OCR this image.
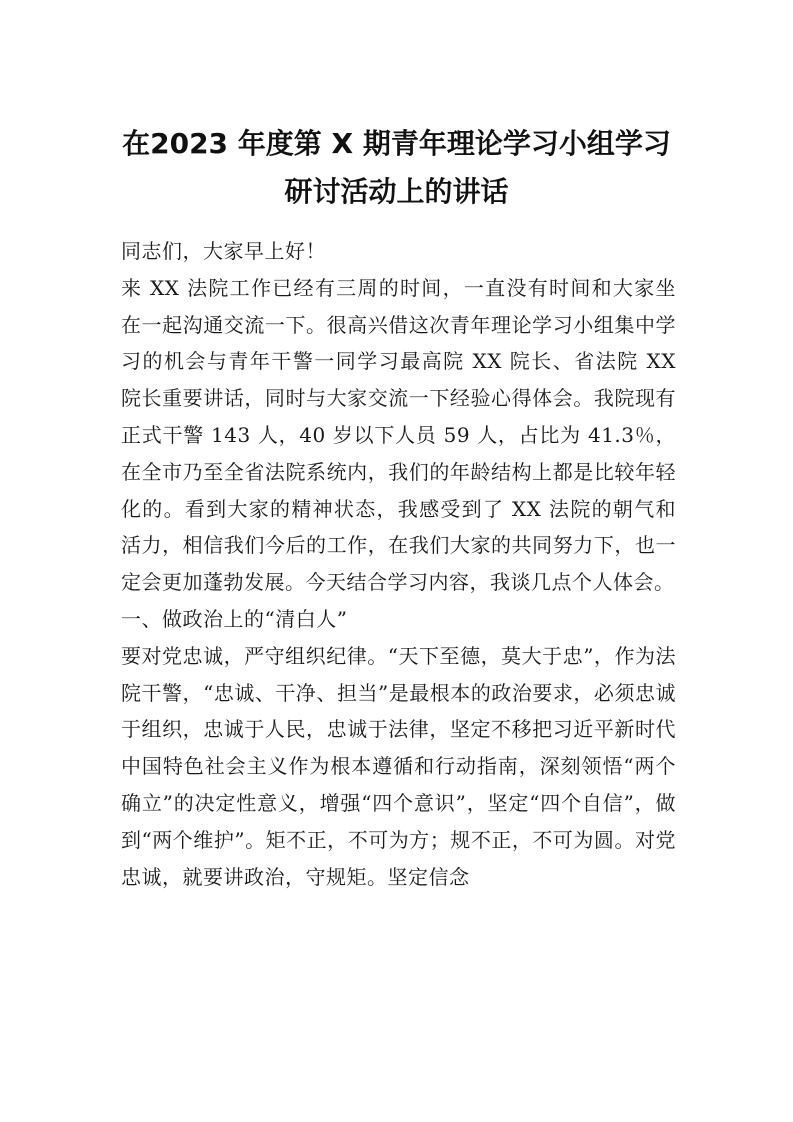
在2023 年度第 X 期青年理论学习小组学习
研讨活动上的讲话

同志们，大家早上好！

来 XX 法院工作已经有三周的时间，一直没有时间和大家坐在一起沟通交流一下。很高兴借这次青年理论学习小组集中学习的机会与青年干警一同学习最高院 XX 院长、省法院 XX 院长重要讲话，同时与大家交流一下经验心得体会。我院现有正式干警 143 人，40 岁以下人员 59 人，占比为 41.3％，在全市乃至全省法院系统内，我们的年龄结构上都是比较年轻化的。看到大家的精神状态，我感受到了 XX 法院的朝气和活力，相信我们今后的工作，在我们大家的共同努力下，也一定会更加蓬勃发展。今天结合学习内容，我谈几点个人体会。

一、做政治上的“清白人”

要对党忠诚，严守组织纪律。“天下至德，莫大于忠”，作为法院干警，“忠诚、干净、担当”是最根本的政治要求，必须忠诚于组织，忠诚于人民，忠诚于法律，坚定不移把习近平新时代中国特色社会主义作为根本遵循和行动指南，深刻领悟“两个确立”的决定性意义，增强“四个意识”，坚定“四个自信”，做到“两个维护”。矩不正，不可为方；规不正，不可为圆。对党忠诚，就要讲政治，守规矩。坚定信念
